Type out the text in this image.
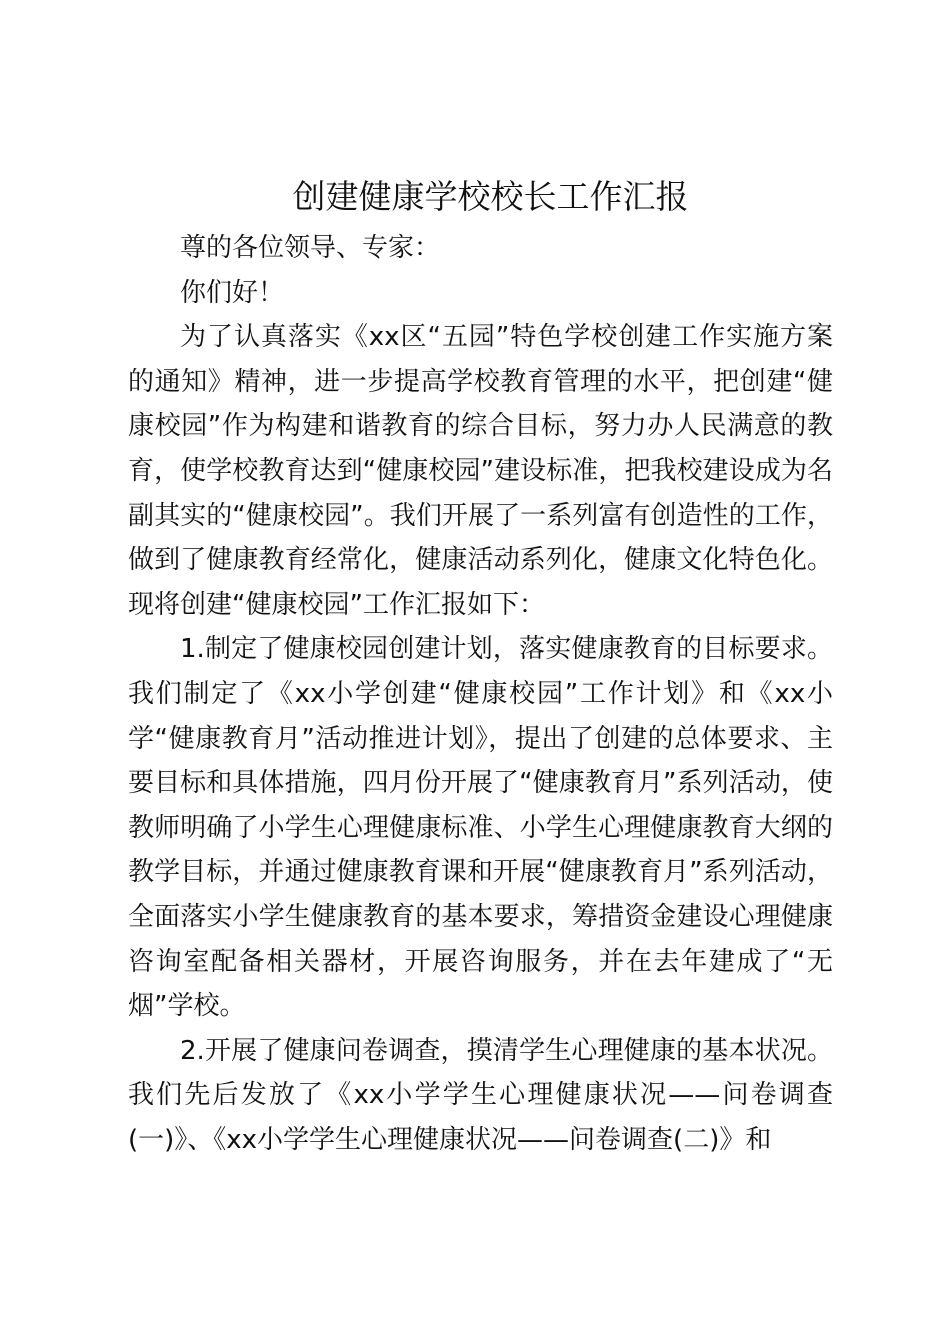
创建健康学校校长工作汇报

尊的各位领导、专家：

你们好！

为了认真落实《xx区“五园”特色学校创建工作实施方案的通知》精神，进一步提高学校教育管理的水平，把创建“健康校园”作为构建和谐教育的综合目标，努力办人民满意的教育，使学校教育达到“健康校园”建设标准，把我校建设成为名副其实的“健康校园”。我们开展了一系列富有创造性的工作，做到了健康教育经常化，健康活动系列化，健康文化特色化。现将创建“健康校园”工作汇报如下：

1.制定了健康校园创建计划，落实健康教育的目标要求。我们制定了《xx小学创建“健康校园”工作计划》和《xx小学“健康教育月”活动推进计划》，提出了创建的总体要求、主要目标和具体措施，四月份开展了“健康教育月”系列活动，使教师明确了小学生心理健康标准、小学生心理健康教育大纲的教学目标，并通过健康教育课和开展“健康教育月”系列活动，全面落实小学生健康教育的基本要求，筹措资金建设心理健康咨询室配备相关器材，开展咨询服务，并在去年建成了“无烟”学校。

2.开展了健康问卷调查，摸清学生心理健康的基本状况。我们先后发放了《xx小学学生心理健康状况——问卷调查(一)》、《xx小学学生心理健康状况——问卷调查(二)》和
